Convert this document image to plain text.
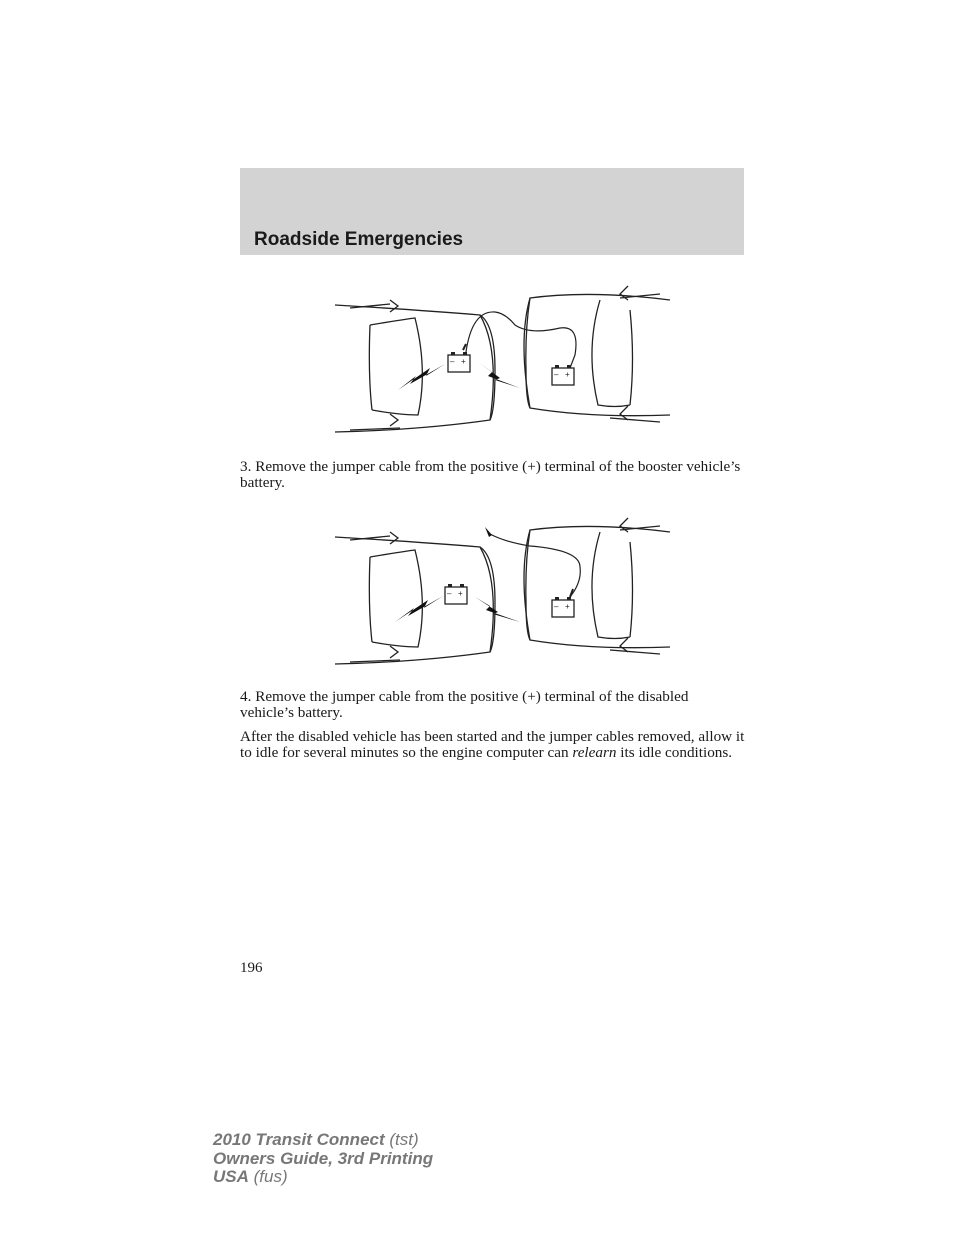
Roadside Emergencies
– +
– +

3. Remove the jumper cable from the positive (+) terminal of the booster vehicle’s battery.

– +
– +

4. Remove the jumper cable from the positive (+) terminal of the disabled vehicle’s battery.

After the disabled vehicle has been started and the jumper cables removed, allow it to idle for several minutes so the engine computer can relearn its idle conditions.

196
2010 Transit Connect (tst)
Owners Guide, 3rd Printing
USA (fus)
